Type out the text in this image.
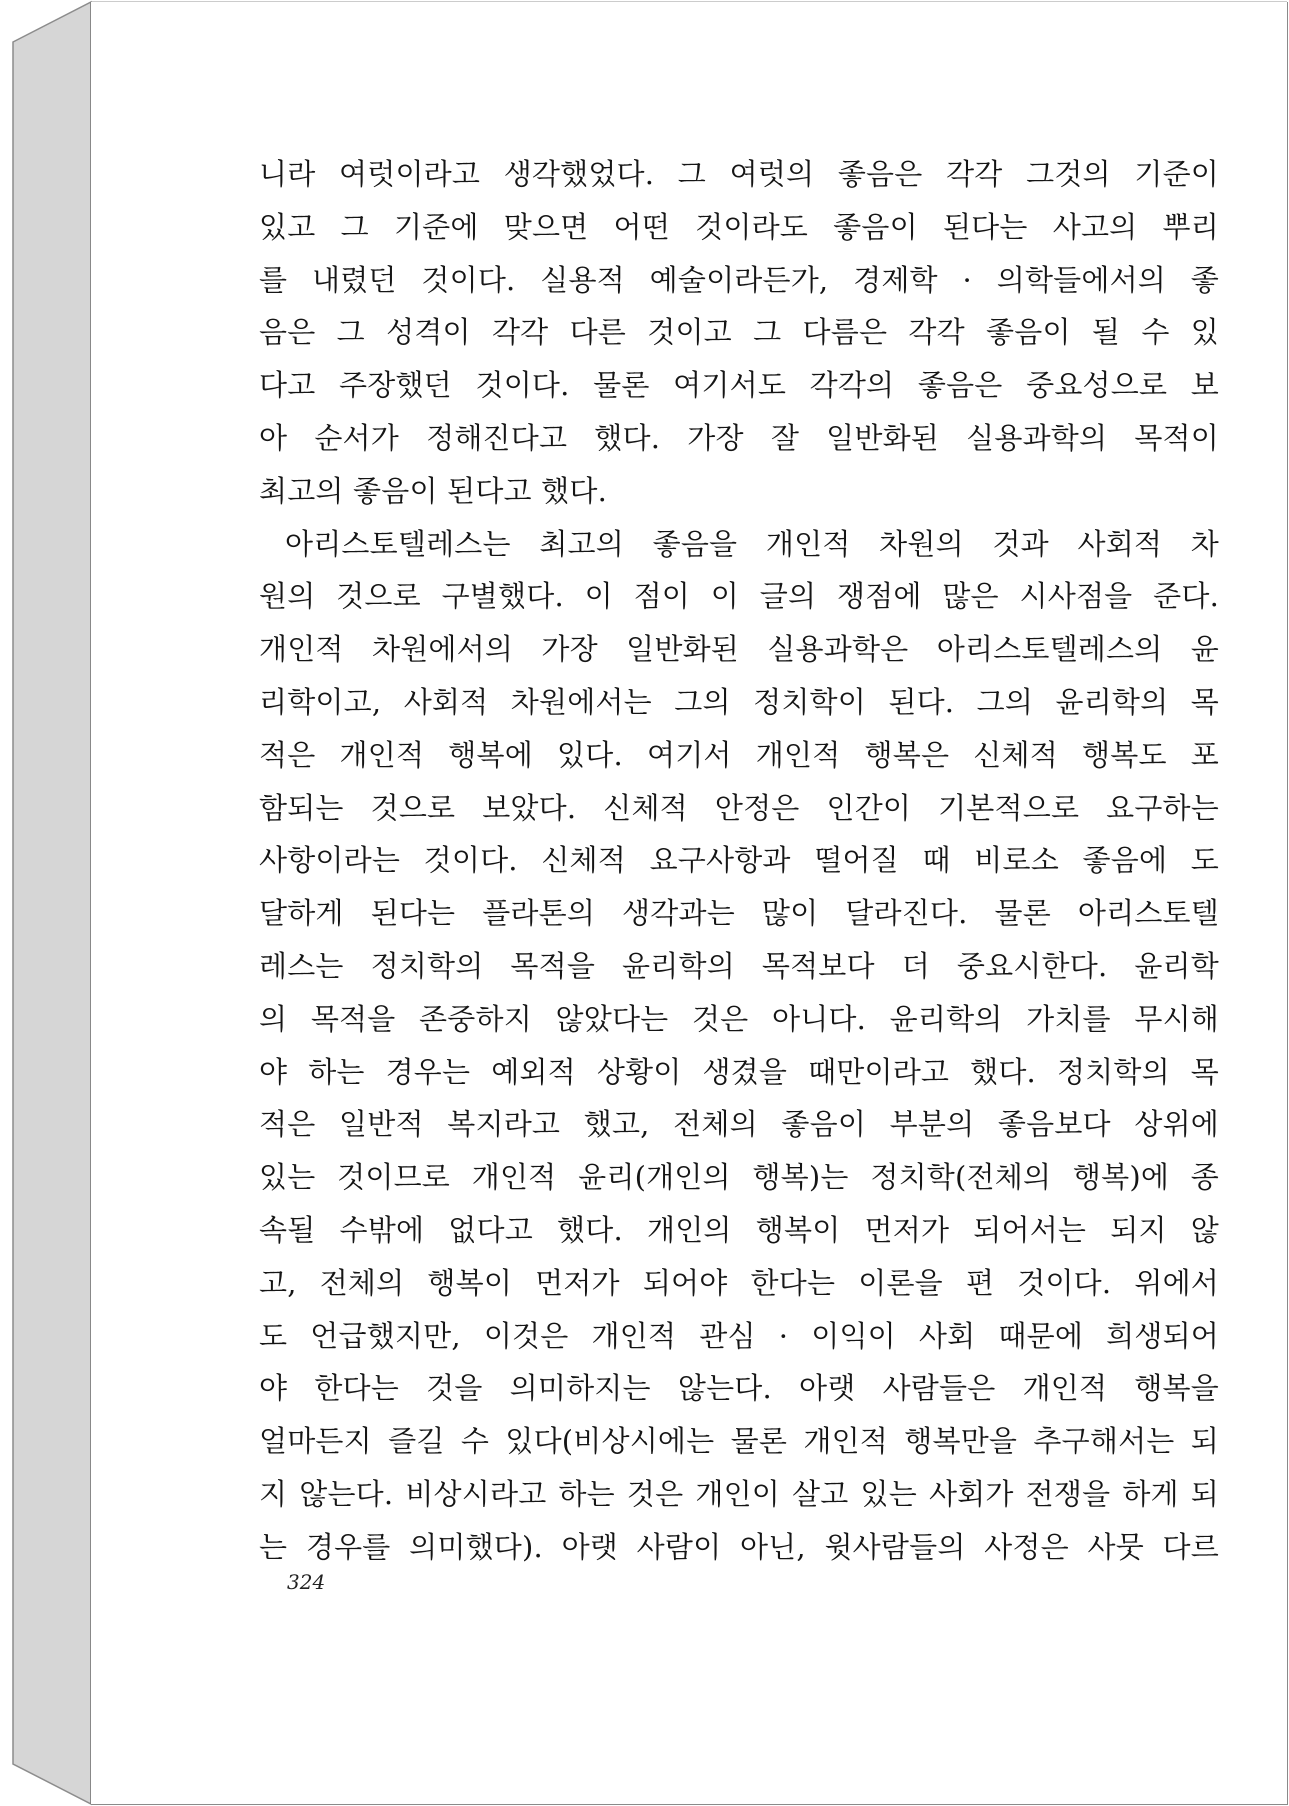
니라 여럿이라고 생각했었다. 그 여럿의 좋음은 각각 그것의 기준이
있고 그 기준에 맞으면 어떤 것이라도 좋음이 된다는 사고의 뿌리
를 내렸던 것이다. 실용적 예술이라든가, 경제학 · 의학들에서의 좋
음은 그 성격이 각각 다른 것이고 그 다름은 각각 좋음이 될 수 있
다고 주장했던 것이다. 물론 여기서도 각각의 좋음은 중요성으로 보
아 순서가 정해진다고 했다. 가장 잘 일반화된 실용과학의 목적이
최고의 좋음이 된다고 했다.
아리스토텔레스는 최고의 좋음을 개인적 차원의 것과 사회적 차
원의 것으로 구별했다. 이 점이 이 글의 쟁점에 많은 시사점을 준다.
개인적 차원에서의 가장 일반화된 실용과학은 아리스토텔레스의 윤
리학이고, 사회적 차원에서는 그의 정치학이 된다. 그의 윤리학의 목
적은 개인적 행복에 있다. 여기서 개인적 행복은 신체적 행복도 포
함되는 것으로 보았다. 신체적 안정은 인간이 기본적으로 요구하는
사항이라는 것이다. 신체적 요구사항과 떨어질 때 비로소 좋음에 도
달하게 된다는 플라톤의 생각과는 많이 달라진다. 물론 아리스토텔
레스는 정치학의 목적을 윤리학의 목적보다 더 중요시한다. 윤리학
의 목적을 존중하지 않았다는 것은 아니다. 윤리학의 가치를 무시해
야 하는 경우는 예외적 상황이 생겼을 때만이라고 했다. 정치학의 목
적은 일반적 복지라고 했고, 전체의 좋음이 부분의 좋음보다 상위에
있는 것이므로 개인적 윤리(개인의 행복)는 정치학(전체의 행복)에 종
속될 수밖에 없다고 했다. 개인의 행복이 먼저가 되어서는 되지 않
고, 전체의 행복이 먼저가 되어야 한다는 이론을 편 것이다. 위에서
도 언급했지만, 이것은 개인적 관심 · 이익이 사회 때문에 희생되어
야 한다는 것을 의미하지는 않는다. 아랫 사람들은 개인적 행복을
얼마든지 즐길 수 있다(비상시에는 물론 개인적 행복만을 추구해서는 되
지 않는다. 비상시라고 하는 것은 개인이 살고 있는 사회가 전쟁을 하게 되
는 경우를 의미했다). 아랫 사람이 아닌, 윗사람들의 사정은 사뭇 다르
324
